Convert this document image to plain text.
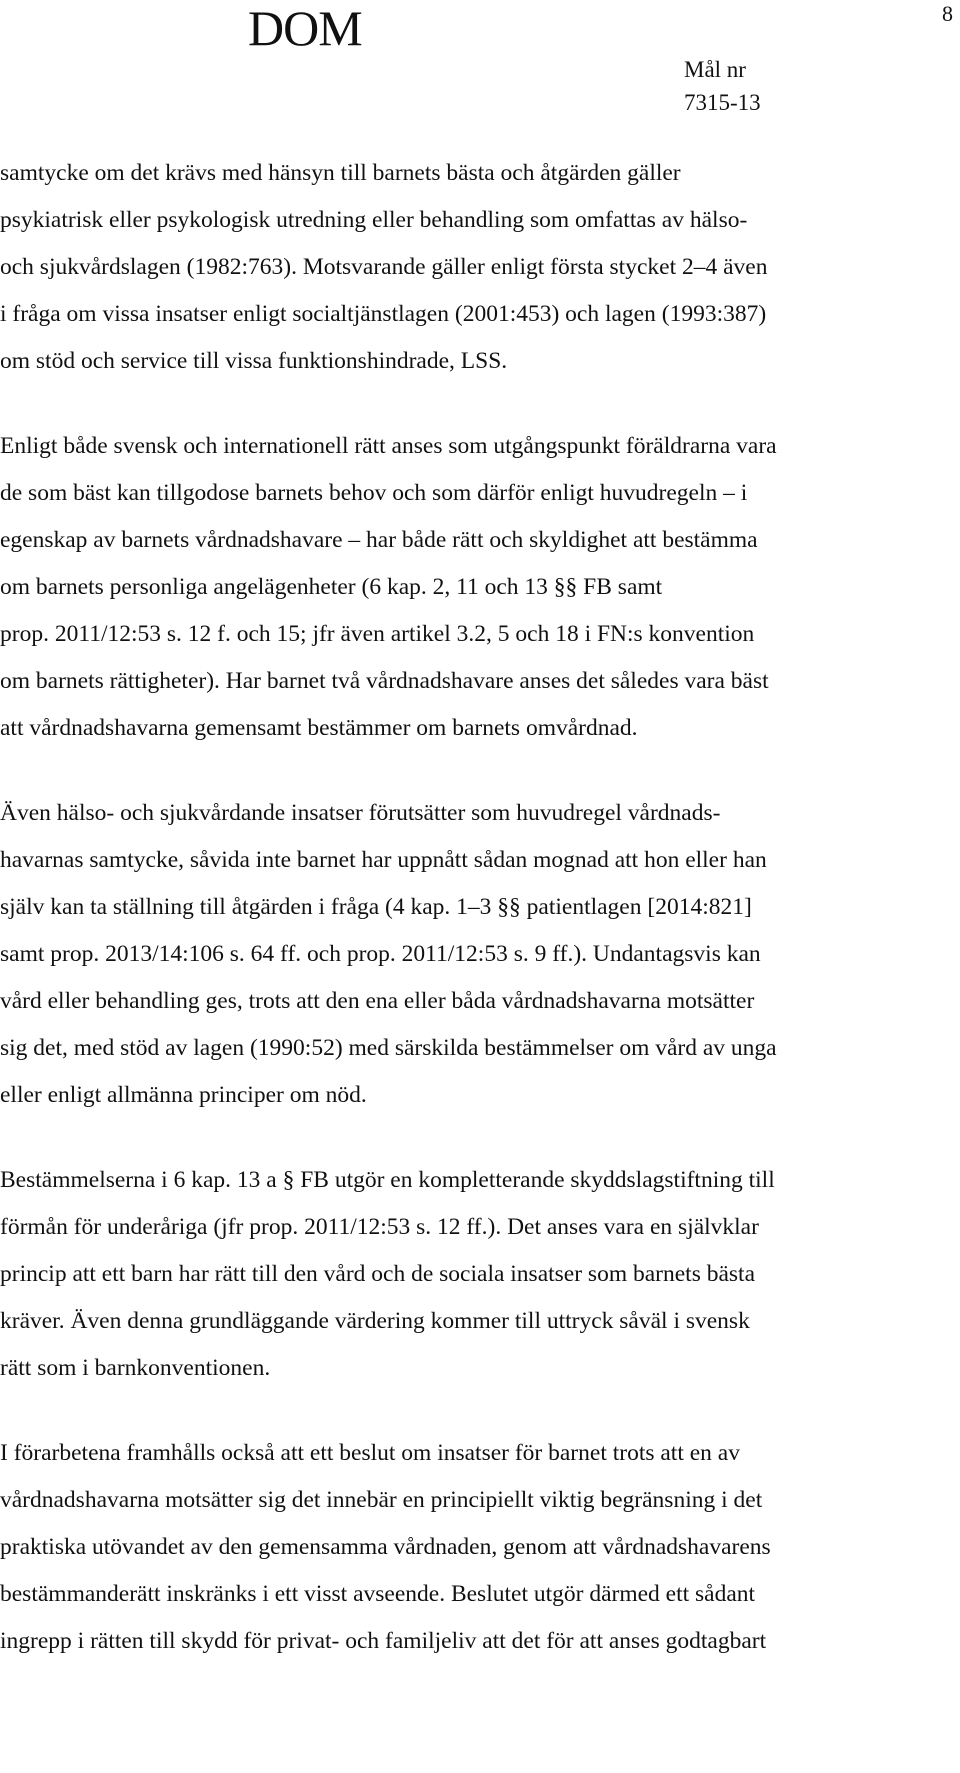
DOM	8
Mål nr
7315-13

samtycke om det krävs med hänsyn till barnets bästa och åtgärden gäller
psykiatrisk eller psykologisk utredning eller behandling som omfattas av hälso-
och sjukvårdslagen (1982:763). Motsvarande gäller enligt första stycket 2–4 även
i fråga om vissa insatser enligt socialtjänstlagen (2001:453) och lagen (1993:387)
om stöd och service till vissa funktionshindrade, LSS.

Enligt både svensk och internationell rätt anses som utgångspunkt föräldrarna vara
de som bäst kan tillgodose barnets behov och som därför enligt huvudregeln – i
egenskap av barnets vårdnadshavare – har både rätt och skyldighet att bestämma
om barnets personliga angelägenheter (6 kap. 2, 11 och 13 §§ FB samt
prop. 2011/12:53 s. 12 f. och 15; jfr även artikel 3.2, 5 och 18 i FN:s konvention
om barnets rättigheter). Har barnet två vårdnadshavare anses det således vara bäst
att vårdnadshavarna gemensamt bestämmer om barnets omvårdnad.

Även hälso- och sjukvårdande insatser förutsätter som huvudregel vårdnads-
havarnas samtycke, såvida inte barnet har uppnått sådan mognad att hon eller han
själv kan ta ställning till åtgärden i fråga (4 kap. 1–3 §§ patientlagen [2014:821]
samt prop. 2013/14:106 s. 64 ff. och prop. 2011/12:53 s. 9 ff.). Undantagsvis kan
vård eller behandling ges, trots att den ena eller båda vårdnadshavarna motsätter
sig det, med stöd av lagen (1990:52) med särskilda bestämmelser om vård av unga
eller enligt allmänna principer om nöd.

Bestämmelserna i 6 kap. 13 a § FB utgör en kompletterande skyddslagstiftning till
förmån för underåriga (jfr prop. 2011/12:53 s. 12 ff.). Det anses vara en självklar
princip att ett barn har rätt till den vård och de sociala insatser som barnets bästa
kräver. Även denna grundläggande värdering kommer till uttryck såväl i svensk
rätt som i barnkonventionen.

I förarbetena framhålls också att ett beslut om insatser för barnet trots att en av
vårdnadshavarna motsätter sig det innebär en principiellt viktig begränsning i det
praktiska utövandet av den gemensamma vårdnaden, genom att vårdnadshavarens
bestämmanderätt inskränks i ett visst avseende. Beslutet utgör därmed ett sådant
ingrepp i rätten till skydd för privat- och familjeliv att det för att anses godtagbart
